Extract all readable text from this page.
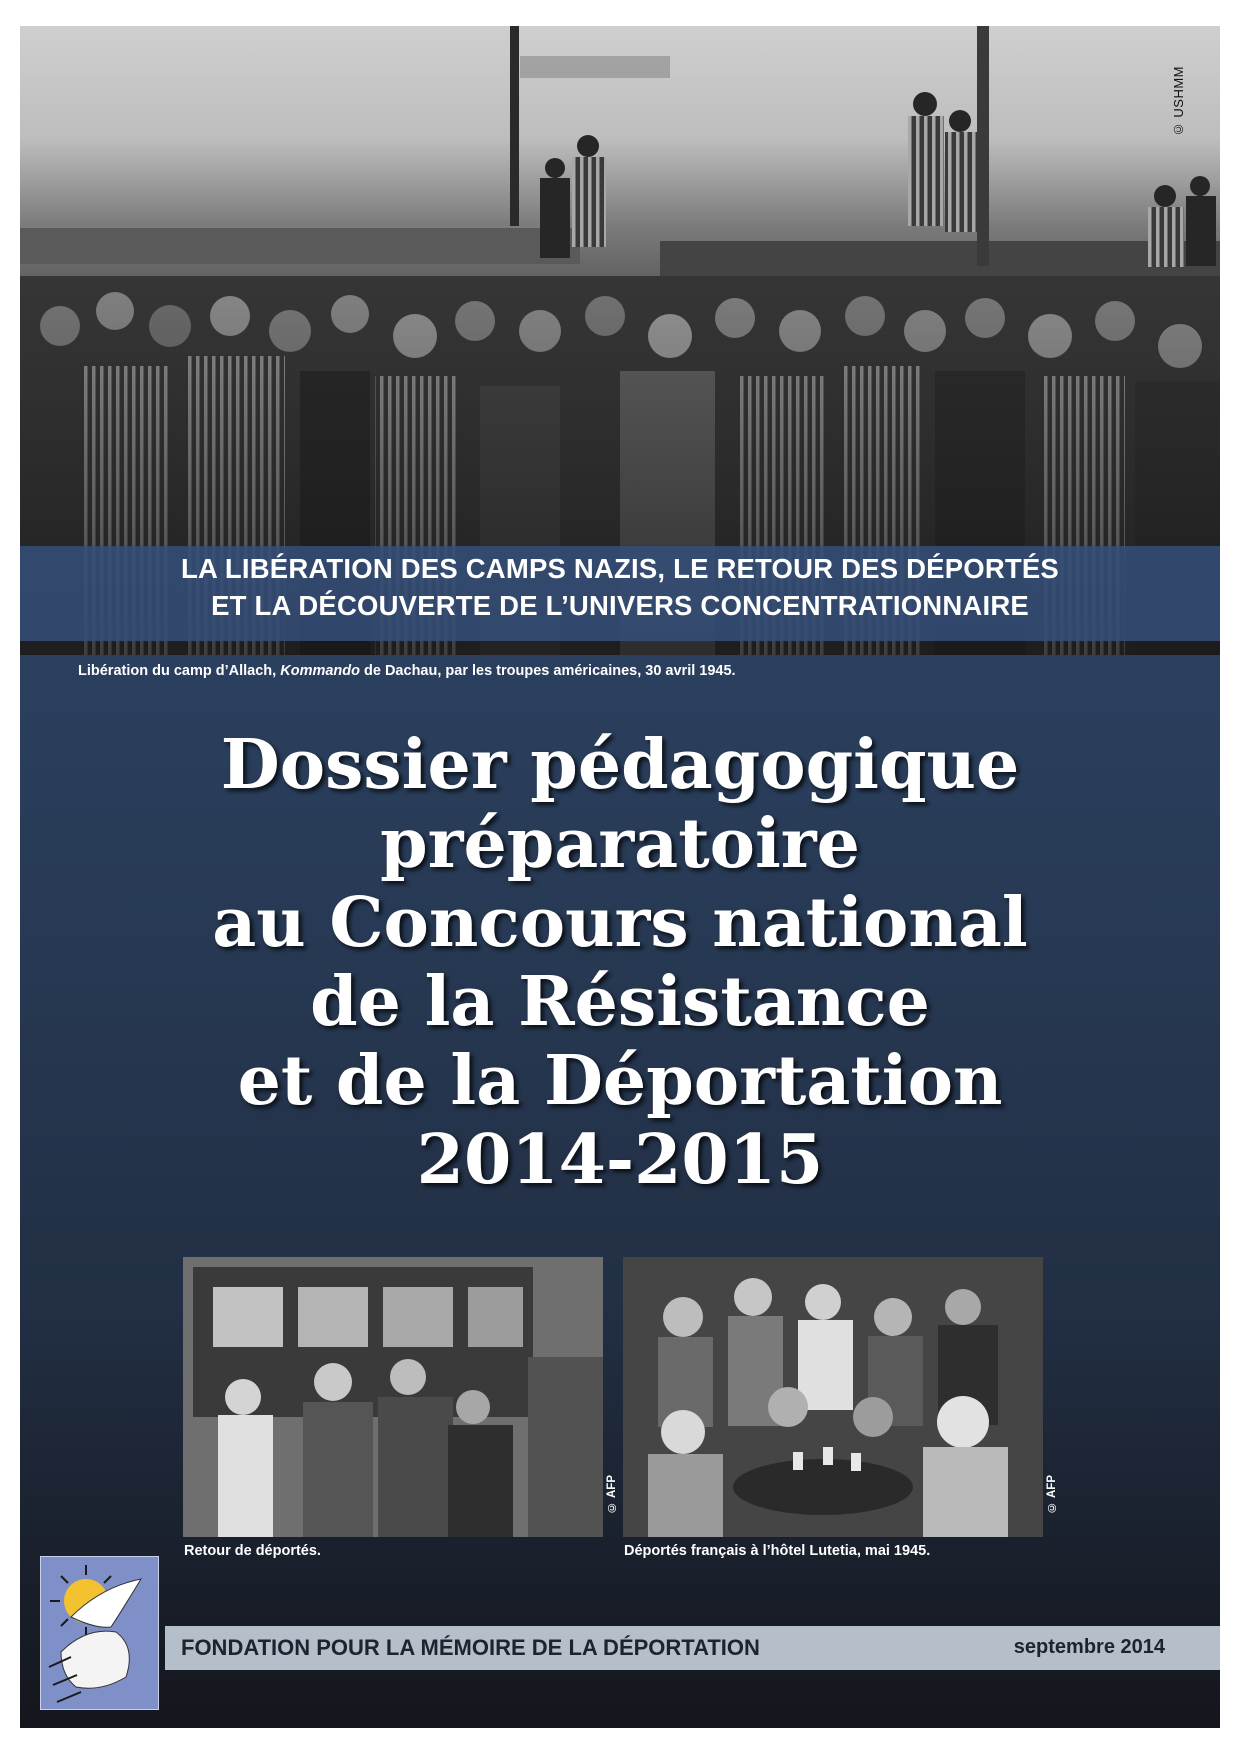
© USHMM
LA LIBÉRATION DES CAMPS NAZIS, LE RETOUR DES DÉPORTÉS
ET LA DÉCOUVERTE DE L’UNIVERS CONCENTRATIONNAIRE
Libération du camp d’Allach, Kommando de Dachau, par les troupes américaines, 30 avril 1945.
Dossier pédagogique
préparatoire
au Concours national
de la Résistance
et de la Déportation
2014-2015
© AFP	© AFP
Retour de déportés.	Déportés français à l’hôtel Lutetia, mai 1945.
FONDATION POUR LA MÉMOIRE DE LA DÉPORTATION	septembre 2014
